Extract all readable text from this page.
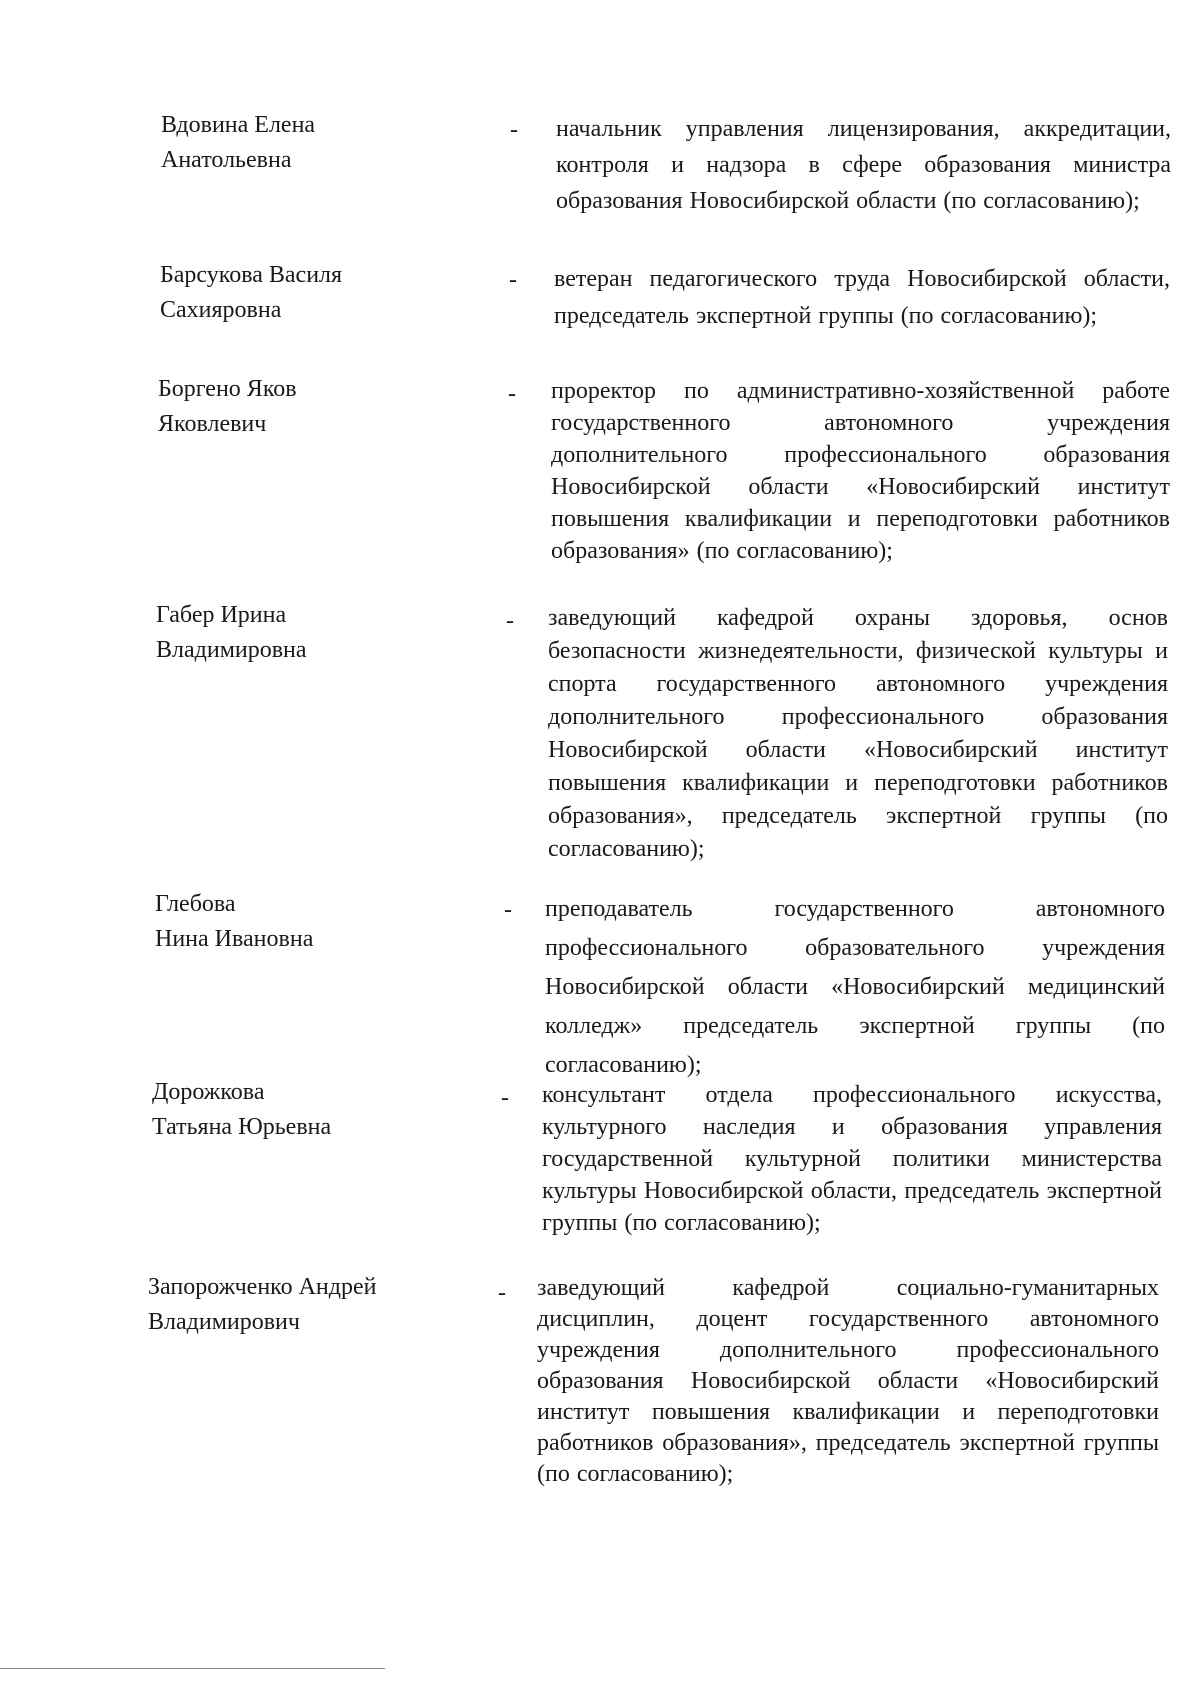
Вдовина Елена
Анатольевна
- начальник управления лицензирования, аккредитации, контроля и надзора в сфере образования министра образования Новосибирской области (по согласованию);
Барсукова Василя
Сахияровна
- ветеран педагогического труда Новосибирской области, председатель экспертной группы (по согласованию);
Боргено Яков
Яковлевич
- проректор по административно-хозяйственной работе государственного автономного учреждения дополнительного профессионального образования Новосибирской области «Новосибирский институт повышения квалификации и переподготовки работников образования» (по согласованию);
Габер Ирина
Владимировна
- заведующий кафедрой охраны здоровья, основ безопасности жизнедеятельности, физической культуры и спорта государственного автономного учреждения дополнительного профессионального образования Новосибирской области «Новосибирский институт повышения квалификации и переподготовки работников образования», председатель экспертной группы (по согласованию);
Глебова
Нина Ивановна
- преподаватель государственного автономного профессионального образовательного учреждения Новосибирской области «Новосибирский медицинский колледж» председатель экспертной группы (по согласованию);
Дорожкова
Татьяна Юрьевна
- консультант отдела профессионального искусства, культурного наследия и образования управления государственной культурной политики министерства культуры Новосибирской области, председатель экспертной группы (по согласованию);
Запорожченко Андрей
Владимирович
- заведующий кафедрой социально-гуманитарных дисциплин, доцент государственного автономного учреждения дополнительного профессионального образования Новосибирской области «Новосибирский институт повышения квалификации и переподготовки работников образования», председатель экспертной группы (по согласованию);
